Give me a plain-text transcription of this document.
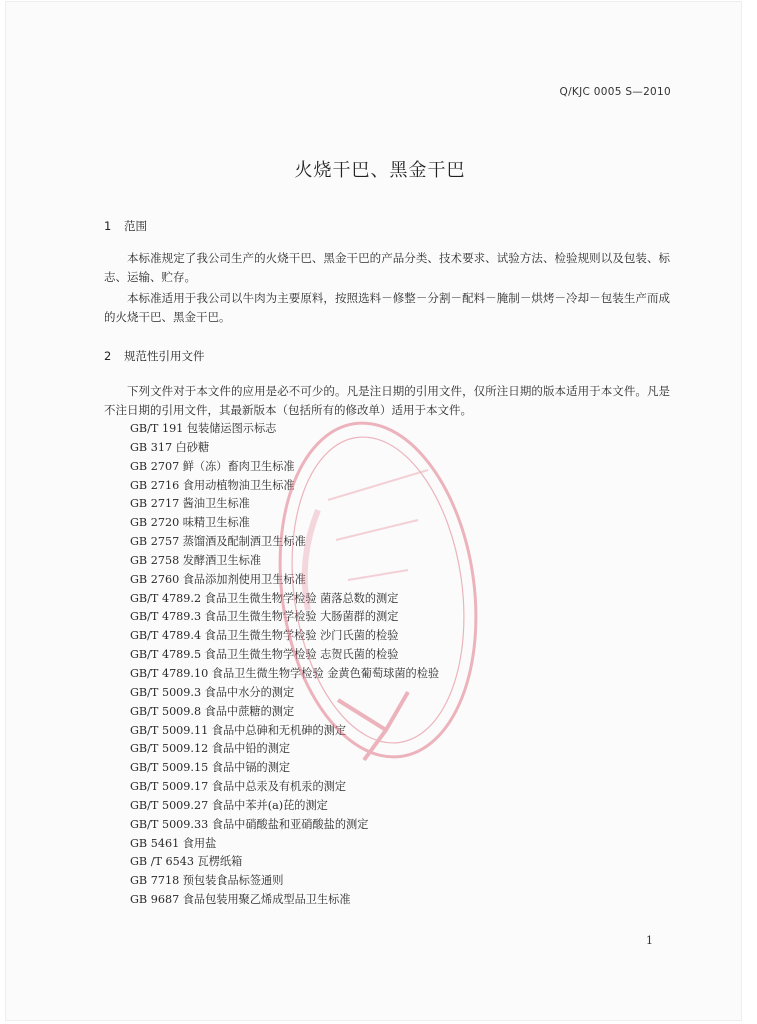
Q/KJC 0005 S—2010
火烧干巴、黑金干巴
1 范围
本标准规定了我公司生产的火烧干巴、黑金干巴的产品分类、技术要求、试验方法、检验规则以及包装、标志、运输、贮存。
本标准适用于我公司以牛肉为主要原料，按照选料－修整－分割－配料－腌制－烘烤－冷却－包装生产而成的火烧干巴、黑金干巴。
2 规范性引用文件
下列文件对于本文件的应用是必不可少的。凡是注日期的引用文件，仅所注日期的版本适用于本文件。凡是不注日期的引用文件，其最新版本（包括所有的修改单）适用于本文件。
GB/T 191 包装储运图示标志
GB 317 白砂糖
GB 2707 鲜（冻）畜肉卫生标准
GB 2716 食用动植物油卫生标准
GB 2717 酱油卫生标准
GB 2720 味精卫生标准
GB 2757 蒸馏酒及配制酒卫生标准
GB 2758 发酵酒卫生标准
GB 2760 食品添加剂使用卫生标准
GB/T 4789.2 食品卫生微生物学检验 菌落总数的测定
GB/T 4789.3 食品卫生微生物学检验 大肠菌群的测定
GB/T 4789.4 食品卫生微生物学检验 沙门氏菌的检验
GB/T 4789.5 食品卫生微生物学检验 志贺氏菌的检验
GB/T 4789.10 食品卫生微生物学检验 金黄色葡萄球菌的检验
GB/T 5009.3 食品中水分的测定
GB/T 5009.8 食品中蔗糖的测定
GB/T 5009.11 食品中总砷和无机砷的测定
GB/T 5009.12 食品中铅的测定
GB/T 5009.15 食品中镉的测定
GB/T 5009.17 食品中总汞及有机汞的测定
GB/T 5009.27 食品中苯并(a)芘的测定
GB/T 5009.33 食品中硝酸盐和亚硝酸盐的测定
GB 5461 食用盐
GB /T 6543 瓦楞纸箱
GB 7718 预包装食品标签通则
GB 9687 食品包装用聚乙烯成型品卫生标准
1
